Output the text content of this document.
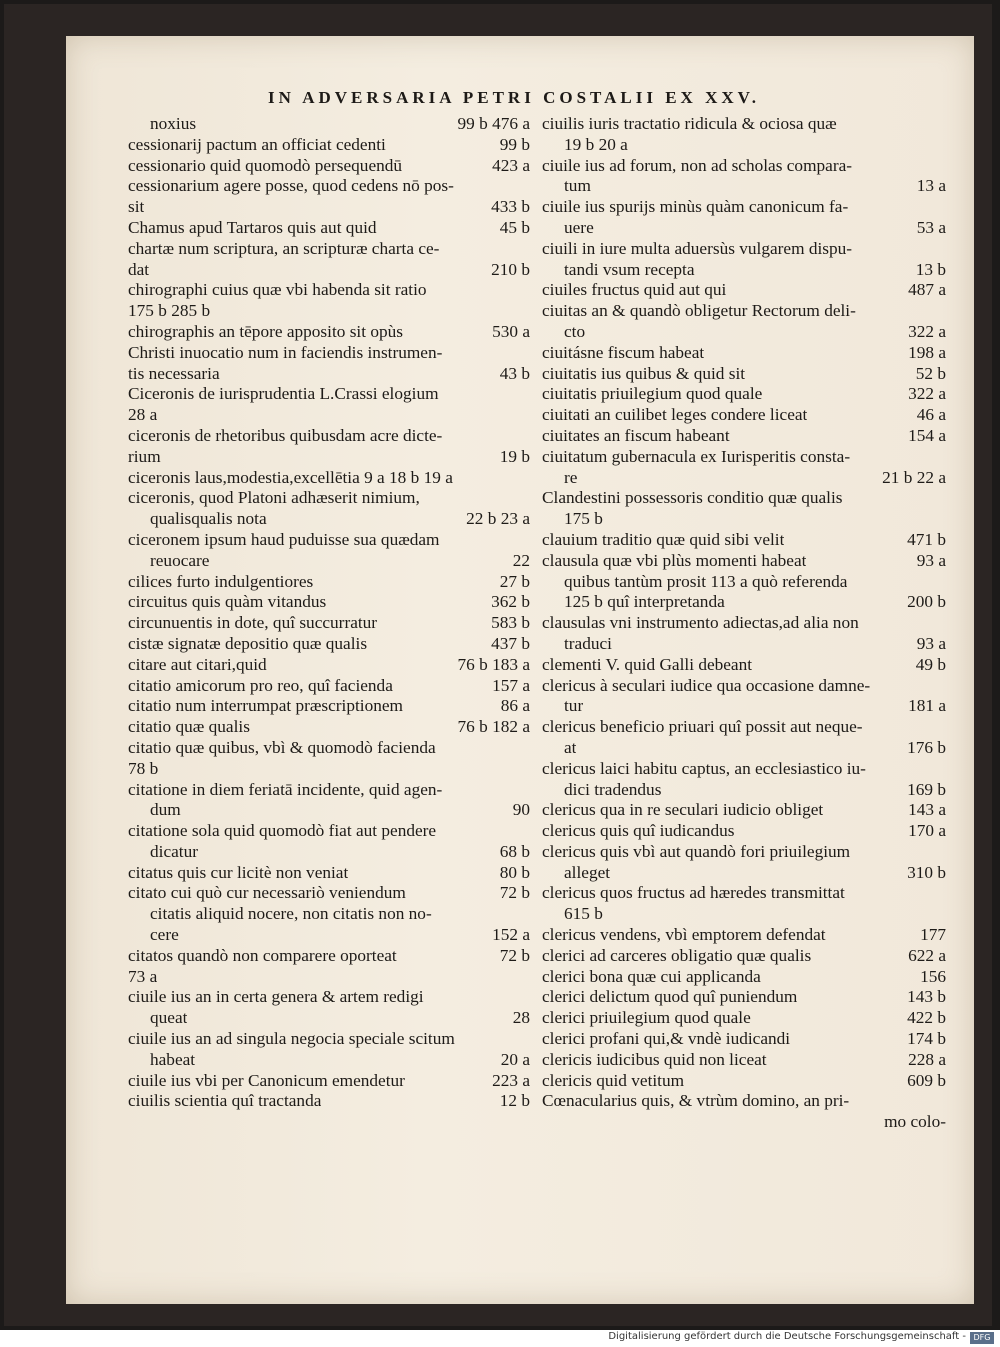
IN ADVERSARIA PETRI COSTALII EX XXV.
noxius	99 b 476 a
cessionarij pactum an officiat cedenti	99 b
cessionario quid quomodò persequendū	423 a
cessionarium agere posse, quod cedens nō pos-
sit	433 b
Chamus apud Tartaros quis aut quid	45 b
chartæ num scriptura, an scripturæ charta ce-
dat	210 b
chirographi cuius quæ vbi habenda sit ratio
175 b 285 b
chirographis an tēpore apposito sit opùs	530 a
Christi inuocatio num in faciendis instrumen-
tis necessaria	43 b
Ciceronis de iurisprudentia L.Crassi elogium
28 a
ciceronis de rhetoribus quibusdam acre dicte-
rium	19 b
ciceronis laus,modestia,excellētia 9 a 18 b 19 a
ciceronis, quod Platoni adhæserit nimium,
qualisqualis nota	22 b 23 a
ciceronem ipsum haud puduisse sua quædam
reuocare	22
cilices furto indulgentiores	27 b
circuitus quis quàm vitandus	362 b
circunuentis in dote, quî succurratur	583 b
cistæ signatæ depositio quæ qualis	437 b
citare aut citari,quid	76 b 183 a
citatio amicorum pro reo, quî facienda	157 a
citatio num interrumpat præscriptionem	86 a
citatio quæ qualis	76 b 182 a
citatio quæ quibus, vbì & quomodò facienda
78 b
citatione in diem feriatā incidente, quid agen-
dum	90
citatione sola quid quomodò fiat aut pendere
dicatur	68 b
citatus quis cur licitè non veniat	80 b
citato cui quò cur necessariò veniendum	72 b
citatis aliquid nocere, non citatis non no-
cere	152 a
citatos quandò non comparere oporteat	72 b
73 a
ciuile ius an in certa genera & artem redigi
queat	28
ciuile ius an ad singula negocia speciale scitum
habeat	20 a
ciuile ius vbi per Canonicum emendetur	223 a
ciuilis scientia quî tractanda	12 b
ciuilis iuris tractatio ridicula & ociosa quæ
19 b 20 a
ciuile ius ad forum, non ad scholas compara-
tum	13 a
ciuile ius spurijs minùs quàm canonicum fa-
uere	53 a
ciuili in iure multa aduersùs vulgarem dispu-
tandi vsum recepta	13 b
ciuiles fructus quid aut qui	487 a
ciuitas an & quandò obligetur Rectorum deli-
cto	322 a
ciuitásne fiscum habeat	198 a
ciuitatis ius quibus & quid sit	52 b
ciuitatis priuilegium quod quale	322 a
ciuitati an cuilibet leges condere liceat	46 a
ciuitates an fiscum habeant	154 a
ciuitatum gubernacula ex Iurisperitis consta-
re	21 b 22 a
Clandestini possessoris conditio quæ qualis
175 b
clauium traditio quæ quid sibi velit	471 b
clausula quæ vbi plùs momenti habeat	93 a
quibus tantùm prosit 113 a quò referenda
125 b quî interpretanda	200 b
clausulas vni instrumento adiectas,ad alia non
traduci	93 a
clementi V. quid Galli debeant	49 b
clericus à seculari iudice qua occasione damne-
tur	181 a
clericus beneficio priuari quî possit aut neque-
at	176 b
clericus laici habitu captus, an ecclesiastico iu-
dici tradendus	169 b
clericus qua in re seculari iudicio obliget	143 a
clericus quis quî iudicandus	170 a
clericus quis vbì aut quandò fori priuilegium
alleget	310 b
clericus quos fructus ad hæredes transmittat
615 b
clericus vendens, vbì emptorem defendat	177
clerici ad carceres obligatio quæ qualis	622 a
clerici bona quæ cui applicanda	156
clerici delictum quod quî puniendum	143 b
clerici priuilegium quod quale	422 b
clerici profani qui,& vndè iudicandi	174 b
clericis iudicibus quid non liceat	228 a
clericis quid vetitum	609 b
Cœnacularius quis, & vtrùm domino, an pri-
mo colo-
Digitalisierung gefördert durch die Deutsche Forschungsgemeinschaft - DFG
